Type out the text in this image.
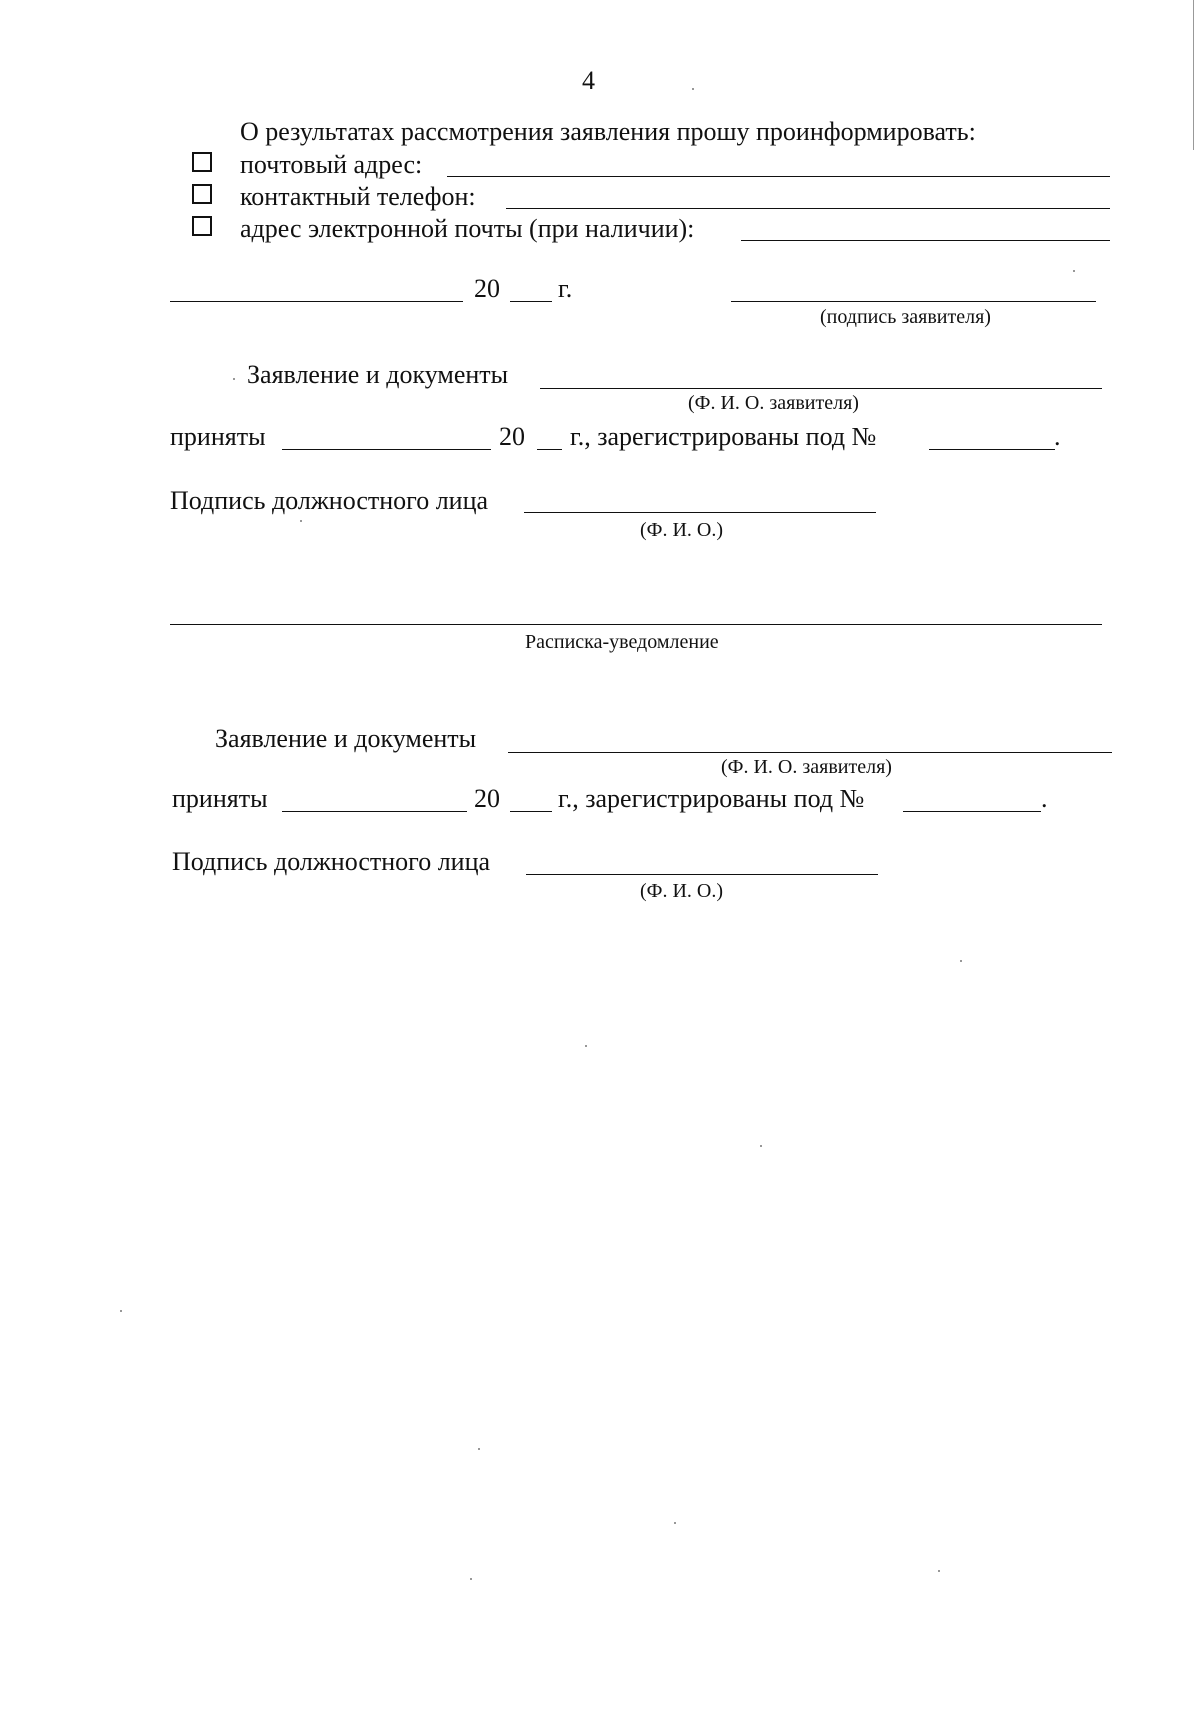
4
О результатах рассмотрения заявления прошу проинформировать:
почтовый адрес:
контактный телефон:
адрес электронной почты (при наличии):
20 г.
(подпись заявителя)
Заявление и документы
(Ф. И. О. заявителя)
приняты	20 г., зарегистрированы под №	.
Подпись должностного лица
(Ф. И. О.)
Расписка-уведомление
Заявление и документы
(Ф. И. О. заявителя)
приняты	20 г., зарегистрированы под №	.
Подпись должностного лица
(Ф. И. О.)
